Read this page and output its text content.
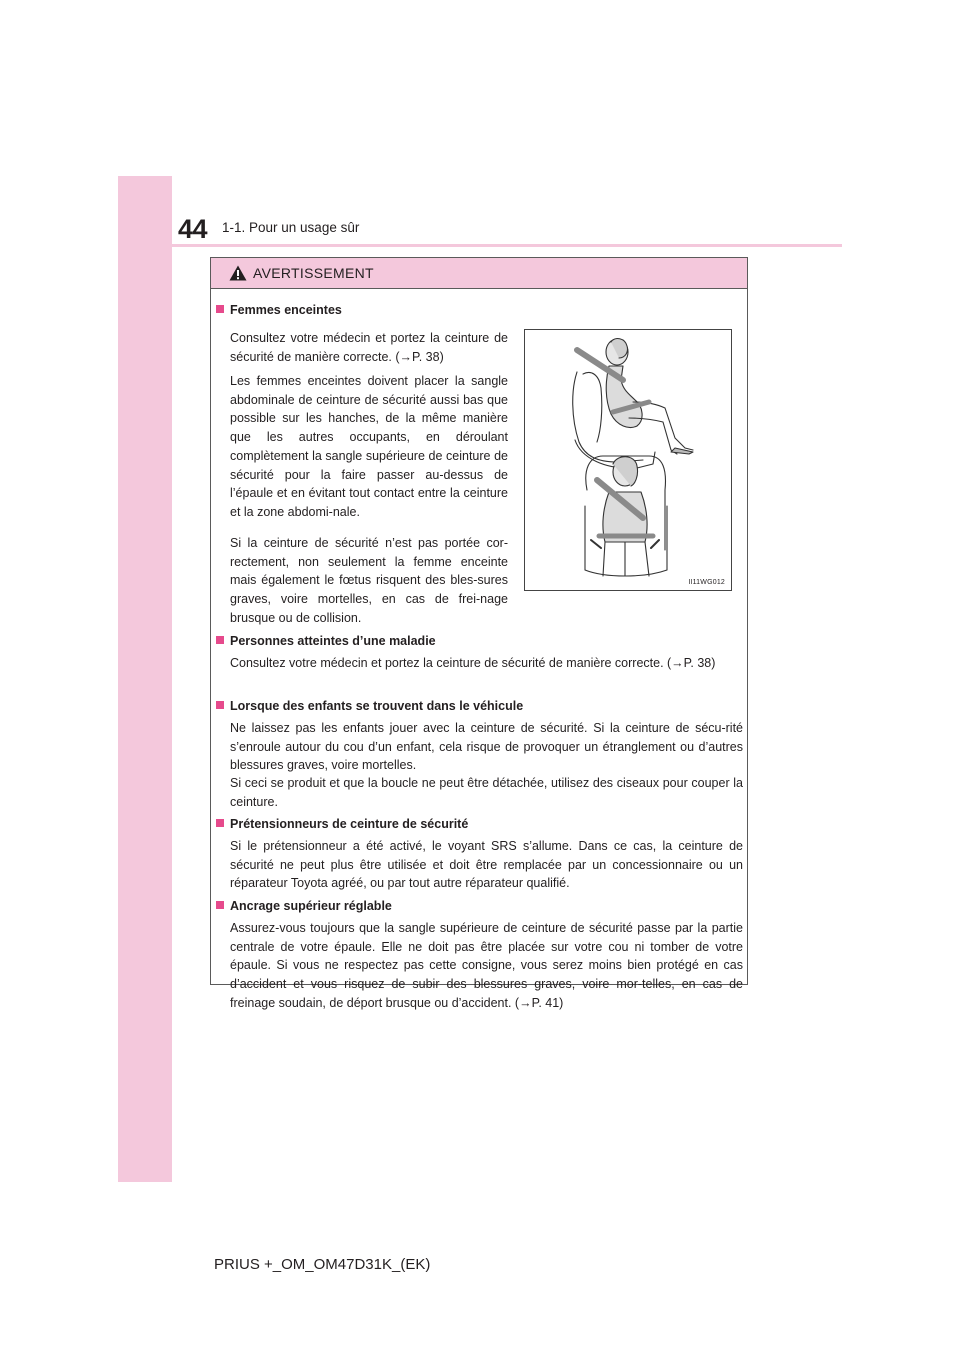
44 1-1. Pour un usage sûr
AVERTISSEMENT
Femmes enceintes

Consultez votre médecin et portez la ceinture de sécurité de manière correcte. (→P. 38)

Les femmes enceintes doivent placer la sangle abdominale de ceinture de sécurité aussi bas que possible sur les hanches, de la même manière que les autres occupants, en déroulant complètement la sangle supérieure de ceinture de sécurité pour la faire passer au-dessus de l’épaule et en évitant tout contact entre la ceinture et la zone abdomi-nale.

Si la ceinture de sécurité n’est pas portée cor-rectement, non seulement la femme enceinte mais également le fœtus risquent des bles-sures graves, voire mortelles, en cas de frei-nage brusque ou de collision.

Personnes atteintes d’une maladie

Consultez votre médecin et portez la ceinture de sécurité de manière correcte. (→P. 38)

Lorsque des enfants se trouvent dans le véhicule

Ne laissez pas les enfants jouer avec la ceinture de sécurité. Si la ceinture de sécu-rité s’enroule autour du cou d’un enfant, cela risque de provoquer un étranglement ou d’autres blessures graves, voire mortelles.

Si ceci se produit et que la boucle ne peut être détachée, utilisez des ciseaux pour couper la ceinture.

Prétensionneurs de ceinture de sécurité

Si le prétensionneur a été activé, le voyant SRS s’allume. Dans ce cas, la ceinture de sécurité ne peut plus être utilisée et doit être remplacée par un concessionnaire ou un réparateur Toyota agréé, ou par tout autre réparateur qualifié.

Ancrage supérieur réglable

Assurez-vous toujours que la sangle supérieure de ceinture de sécurité passe par la partie centrale de votre épaule. Elle ne doit pas être placée sur votre cou ni tomber de votre épaule. Si vous ne respectez pas cette consigne, vous serez moins bien protégé en cas d’accident et vous risquez de subir des blessures graves, voire mor-telles, en cas de freinage soudain, de déport brusque ou d’accident. (→P. 41)

II11WG012
PRIUS +_OM_OM47D31K_(EK)
